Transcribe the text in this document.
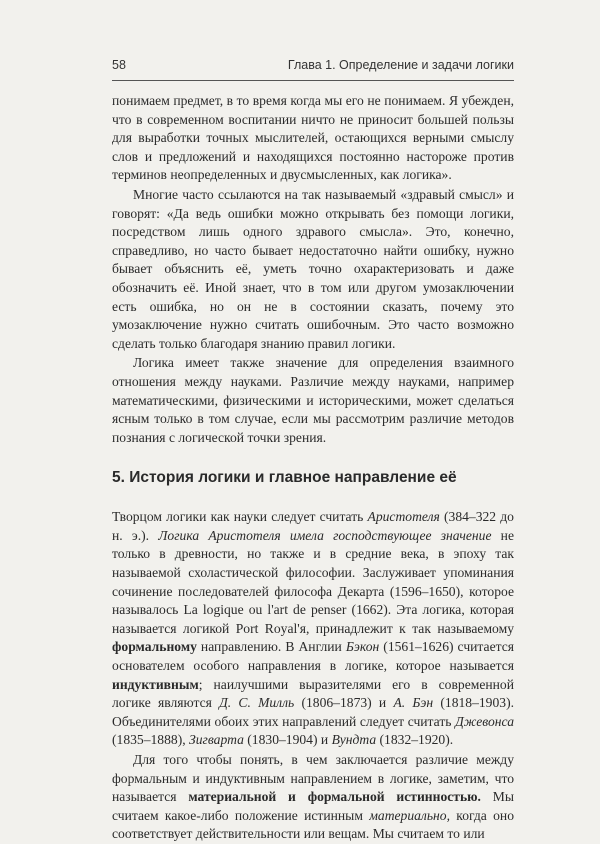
58	Глава 1. Определение и задачи логики

понимаем предмет, в то время когда мы его не понимаем. Я убежден, что в современном воспитании ничто не приносит большей пользы для выработки точных мыслителей, остающихся верными смыслу слов и предложений и находящихся постоянно настороже против терминов неопределенных и двусмысленных, как логика».

Многие часто ссылаются на так называемый «здравый смысл» и говорят: «Да ведь ошибки можно открывать без помощи логики, посредством лишь одного здравого смысла». Это, конечно, справедливо, но часто бывает недостаточно найти ошибку, нужно бывает объяснить её, уметь точно охарактеризовать и даже обозначить её. Иной знает, что в том или другом умозаключении есть ошибка, но он не в состоянии сказать, почему это умозаключение нужно считать ошибочным. Это часто возможно сделать только благодаря знанию правил логики.

Логика имеет также значение для определения взаимного отношения между науками. Различие между науками, например математическими, физическими и историческими, может сделаться ясным только в том случае, если мы рассмотрим различие методов познания с логической точки зрения.

5. История логики и главное направление её

Творцом логики как науки следует считать Аристотеля (384–322 до н. э.). Логика Аристотеля имела господствующее значение не только в древности, но также и в средние века, в эпоху так называемой схоластической философии. Заслуживает упоминания сочинение последователей философа Декарта (1596–1650), которое называлось La logique ou l'art de penser (1662). Эта логика, которая называется логикой Port Royal'я, принадлежит к так называемому формальному направлению. В Англии Бэкон (1561–1626) считается основателем особого направления в логике, которое называется индуктивным; наилучшими выразителями его в современной логике являются Д. С. Милль (1806–1873) и А. Бэн (1818–1903). Объединителями обоих этих направлений следует считать Джевонса (1835–1888), Зигварта (1830–1904) и Вундта (1832–1920).

Для того чтобы понять, в чем заключается различие между формальным и индуктивным направлением в логике, заметим, что называется материальной и формальной истинностью. Мы считаем какое-либо положение истинным материально, когда оно соответствует действительности или вещам. Мы считаем то или
